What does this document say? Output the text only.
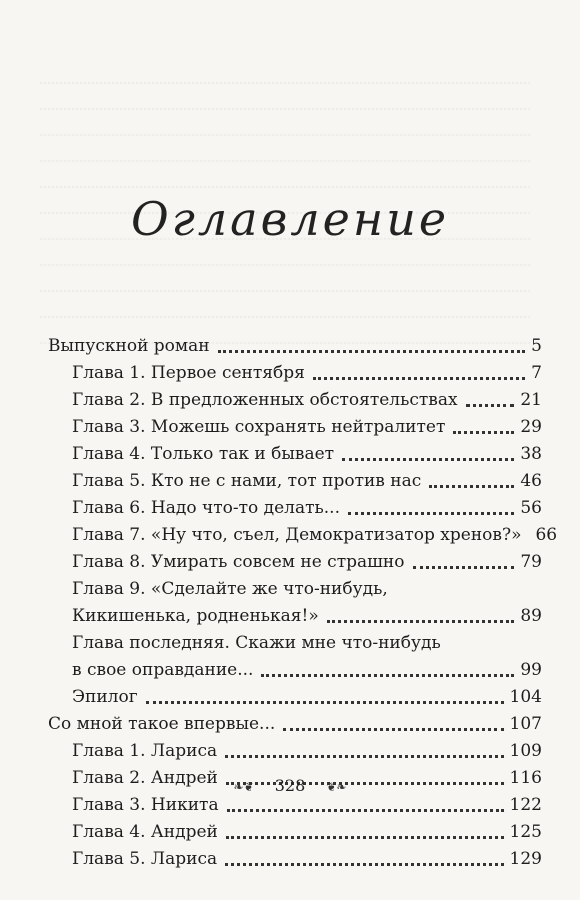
Оглавление
Выпускной роман	5
Глава 1. Первое сентября	7
Глава 2. В предложенных обстоятельствах	21
Глава 3. Можешь сохранять нейтралитет	29
Глава 4. Только так и бывает	38
Глава 5. Кто не с нами, тот против нас	46
Глава 6. Надо что-то делать...	56
Глава 7. «Ну что, съел, Демократизатор хренов?» 66
Глава 8. Умирать совсем не страшно	79
Глава 9. «Сделайте же что-нибудь,
Кикишенька, родненькая!»	89
Глава последняя. Скажи мне что-нибудь
в свое оправдание...	99
Эпилог	104
Со мной такое впервые...	107
Глава 1. Лариса	109
Глава 2. Андрей	116
Глава 3. Никита	122
Глава 4. Андрей	125
Глава 5. Лариса	129
❧❦ 328 ❦❧
